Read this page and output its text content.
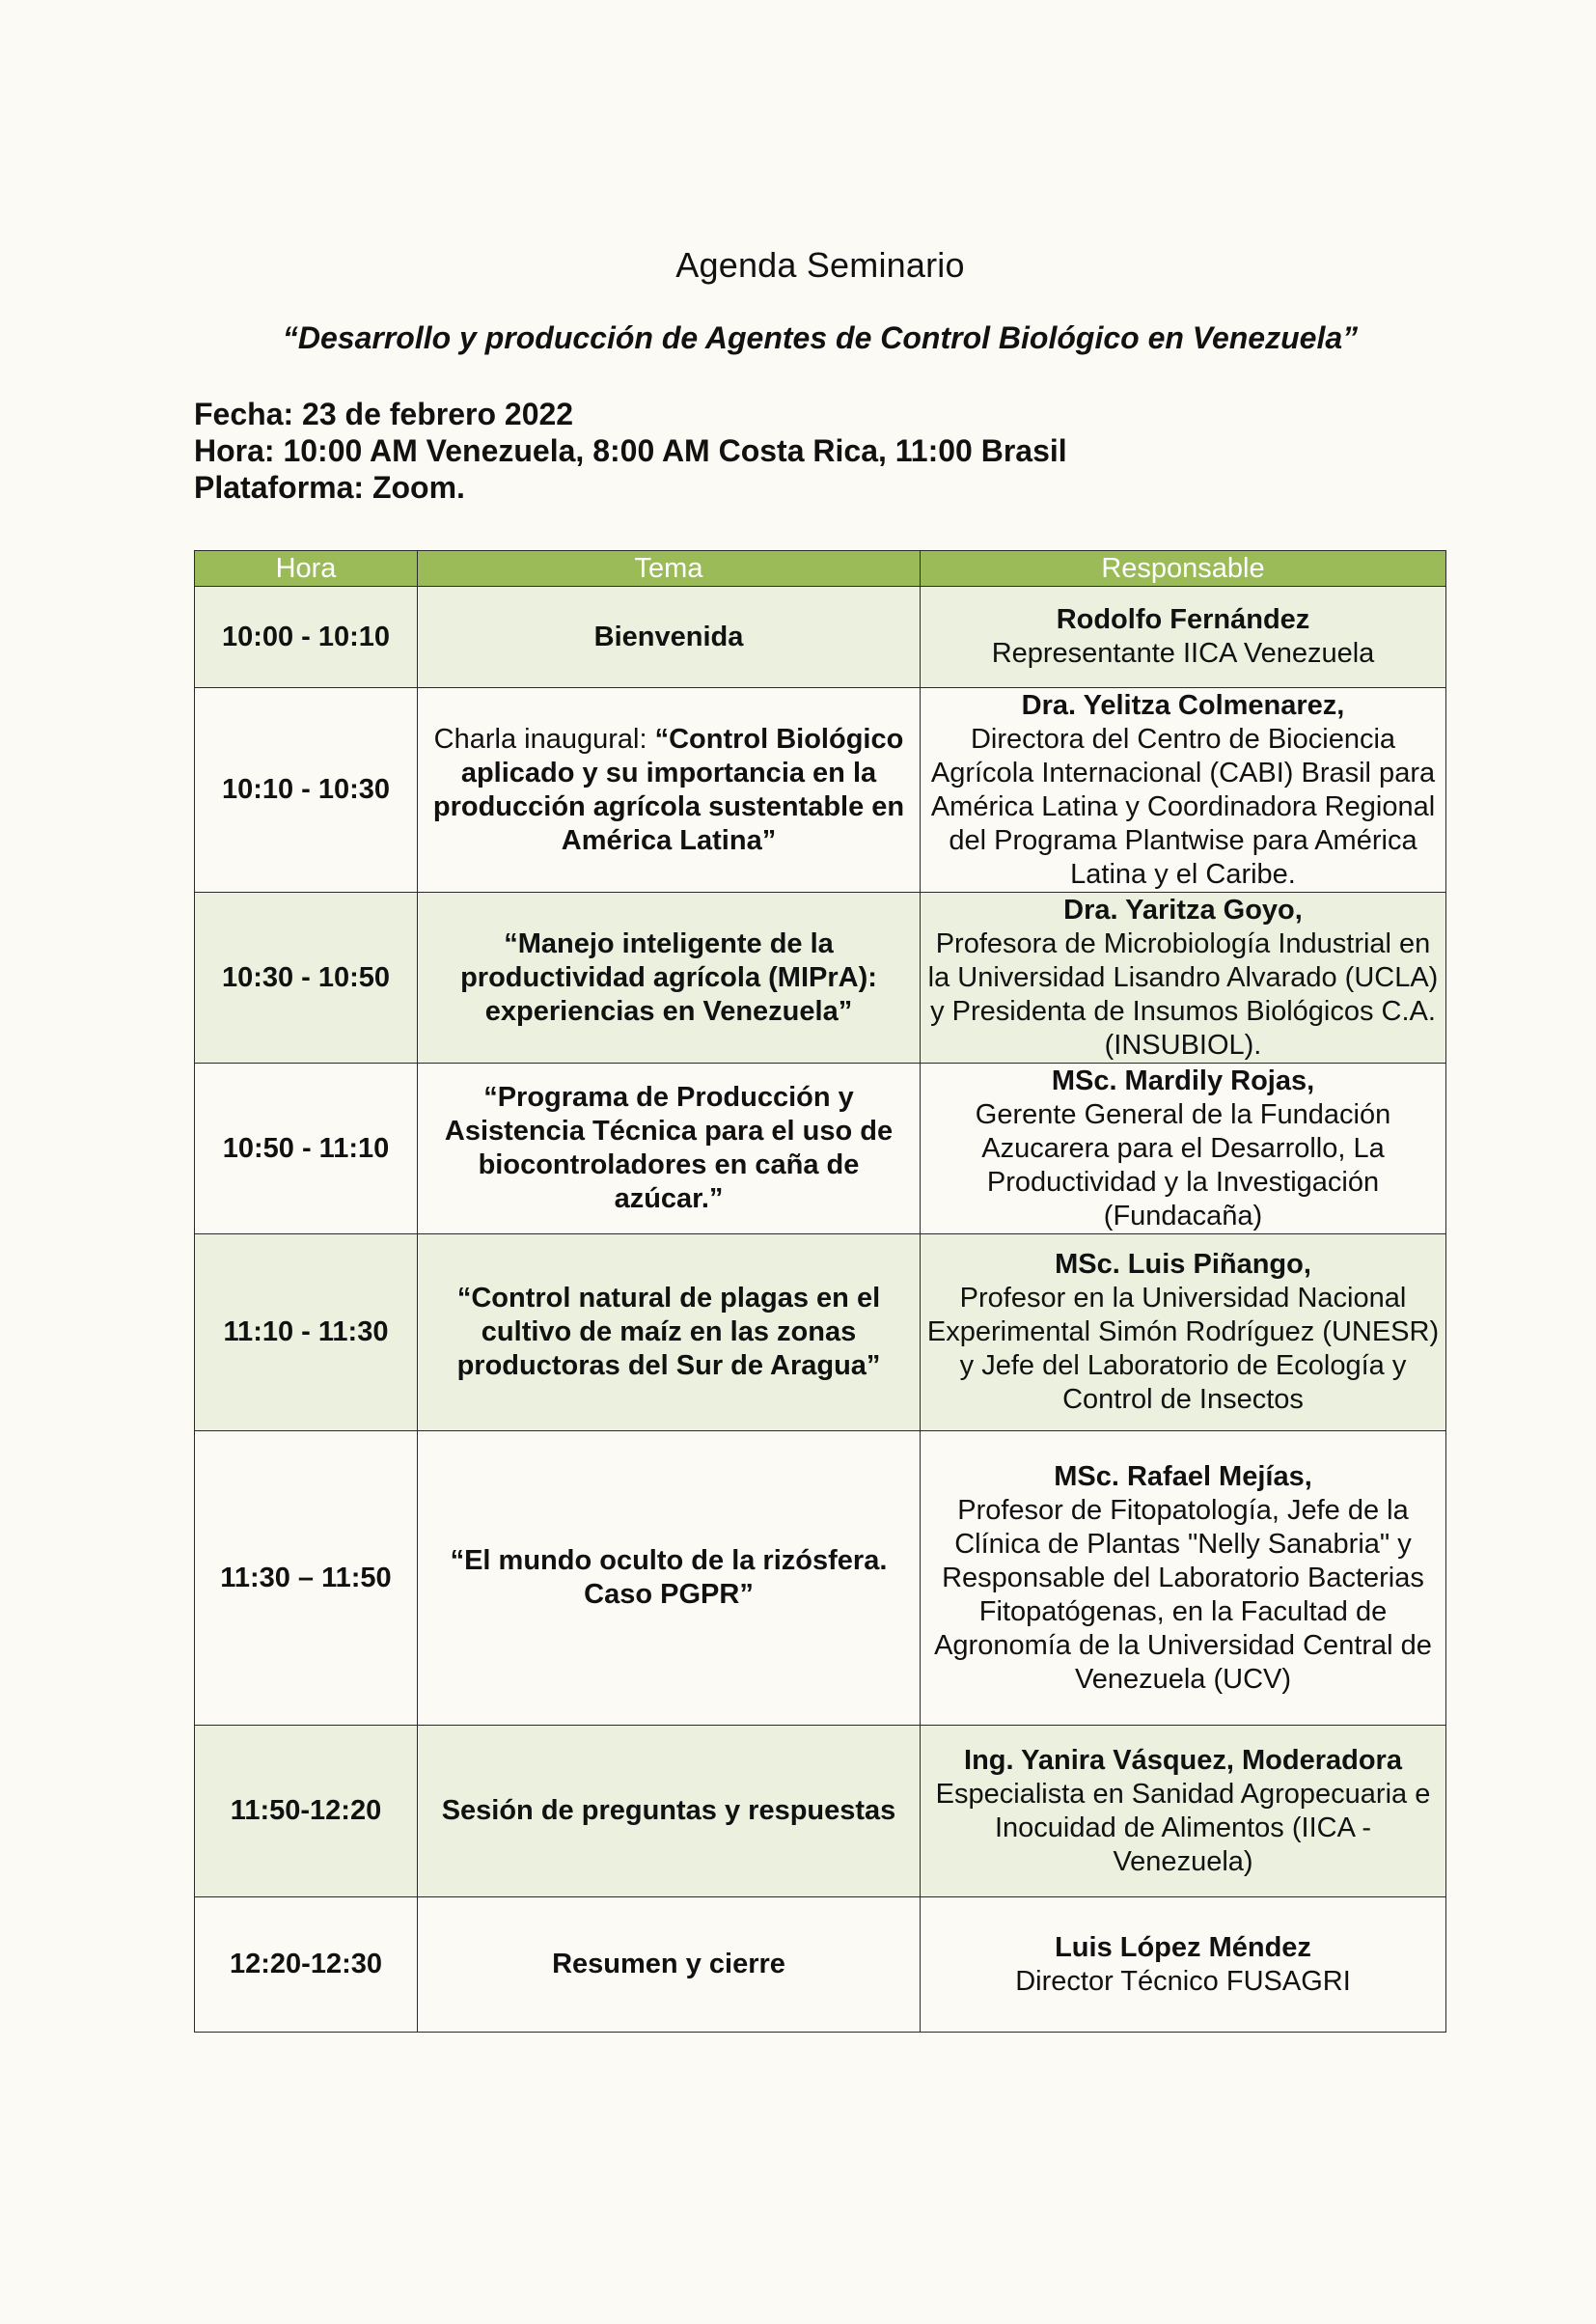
Agenda Seminario
“Desarrollo y producción de Agentes de Control Biológico en Venezuela”
Fecha: 23 de febrero 2022
Hora: 10:00 AM Venezuela, 8:00 AM Costa Rica, 11:00 Brasil
Plataforma: Zoom.
Hora	Tema	Responsable
10:00 - 10:10	Bienvenida	Rodolfo Fernández
Representante IICA Venezuela

10:10 - 10:30	Charla inaugural: “Control Biológico aplicado y su importancia en la producción agrícola sustentable en América Latina”	Dra. Yelitza Colmenarez,
Directora del Centro de Biociencia Agrícola Internacional (CABI) Brasil para América Latina y Coordinadora Regional del Programa Plantwise para América Latina y el Caribe.

10:30 - 10:50	“Manejo inteligente de la productividad agrícola (MIPrA): experiencias en Venezuela”	Dra. Yaritza Goyo,
Profesora de Microbiología Industrial en la Universidad Lisandro Alvarado (UCLA) y Presidenta de Insumos Biológicos C.A. (INSUBIOL).

10:50 - 11:10	“Programa de Producción y Asistencia Técnica para el uso de biocontroladores en caña de azúcar.”	MSc. Mardily Rojas,
Gerente General de la Fundación Azucarera para el Desarrollo, La Productividad y la Investigación (Fundacaña)

11:10 - 11:30	“Control natural de plagas en el cultivo de maíz en las zonas productoras del Sur de Aragua”	MSc. Luis Piñango,
Profesor en la Universidad Nacional Experimental Simón Rodríguez (UNESR) y Jefe del Laboratorio de Ecología y Control de Insectos

11:30 – 11:50	“El mundo oculto de la rizósfera. Caso PGPR”	MSc. Rafael Mejías,
Profesor de Fitopatología, Jefe de la Clínica de Plantas "Nelly Sanabria" y Responsable del Laboratorio Bacterias Fitopatógenas, en la Facultad de Agronomía de la Universidad Central de Venezuela (UCV)

11:50-12:20	Sesión de preguntas y respuestas	Ing. Yanira Vásquez, Moderadora
Especialista en Sanidad Agropecuaria e Inocuidad de Alimentos (IICA - Venezuela)

12:20-12:30	Resumen y cierre	Luis López Méndez
Director Técnico FUSAGRI
